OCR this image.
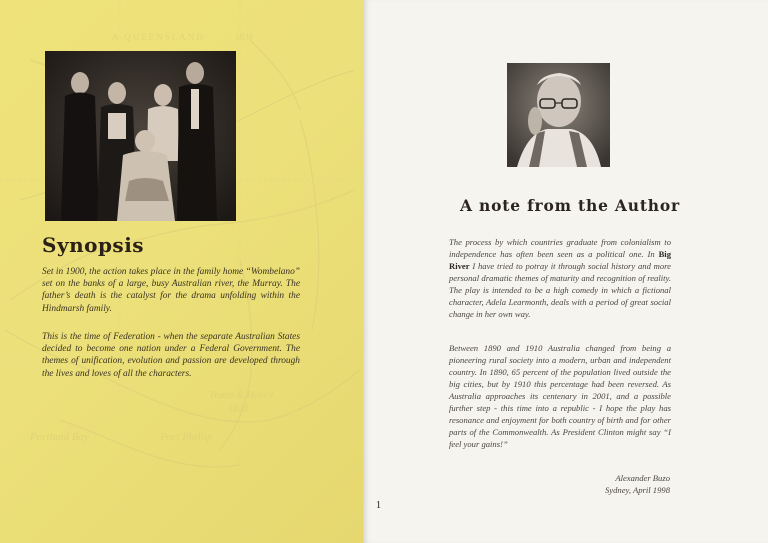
A QUEENSLAND	1838
Hume & Hovell
1824
Portland Bay	Port Phillip
Synopsis

Set in 1900, the action takes place in the family home “Wombelano” set on the banks of a large, busy Australian river, the Murray. The father’s death is the catalyst for the drama unfolding within the Hindmarsh family.

This is the time of Federation - when the separate Australian States decided to become one nation under a Federal Government. The themes of unification, evolution and passion are developed through the lives and loves of all the characters.

1
A note from the Author

The process by which countries graduate from colonialism to independence has often been seen as a political one. In Big River I have tried to potray it through social history and more personal dramatic themes of maturity and recognition of reality. The play is intended to be a high comedy in which a fictional character, Adela Learmonth, deals with a period of great social change in her own way.

Between 1890 and 1910 Australia changed from being a pioneering rural society into a modern, urban and independent country. In 1890, 65 percent of the population lived outside the big cities, but by 1910 this percentage had been reversed. As Australia approaches its centenary in 2001, and a possible further step - this time into a republic - I hope the play has resonance and enjoyment for both country of birth and for other parts of the Commonwealth. As President Clinton might say “I feel your gains!”

Alexander Buzo
Sydney, April 1998
